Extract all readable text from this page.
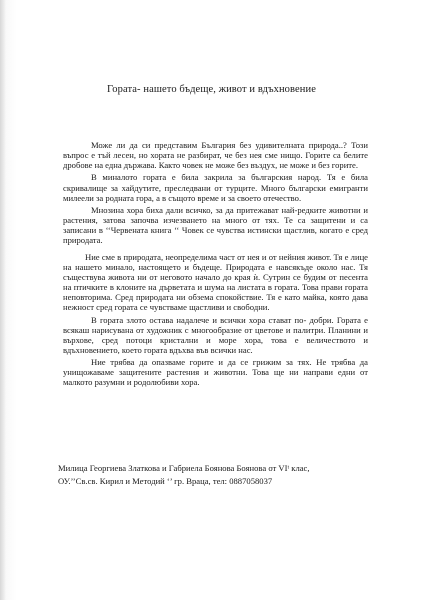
Гората- нашето бъдеще, живот и вдъхновение

Може ли да си представим България без удивителната природа..? Този въпрос е тъй лесен, но хората не разбират, че без нея сме нищо. Горите са белите дробове на една държава. Както човек не може без въздух, не може и без горите.

В миналото гората е била закрила за българския народ. Тя е била скривалище за хайдутите, преследвани от турците. Много български емигранти милеели за родната гора, а в същото време и за своето отечество.

Мнозина хора биха дали всичко, за да притежават най-редките животни и растения, затова започва изчезването на много от тях. Те са защитени и са записани в ‘‘Червената книга ‘‘ Човек се чувства истински щастлив, когато е сред природата.

Ние сме в природата, неопределима част от нея и от нейния живот. Тя е лице на нашето минало, настоящето и бъдеще. Природата е навсякъде около нас. Тя съществува живота ни от неговото начало до края ѝ. Сутрин се будим от песента на птичките в клоните на дърветата и шума на листата в гората. Това прави гората неповторима. Сред природата ни обзема спокойствие. Тя е като майка, която дава нежност сред гората се чувстваме щастливи и свободни.

В гората злото остава надалече и всички хора стават по- добри. Гората е всякаш нарисувана от художник с многообразие от цветове и палитри. Планини и върхове, сред потоци кристални и море хора, това е величеството и вдъхновението, което гората вдъхва във всички нас.

Ние трябва да опазваме горите и да се грижим за тях. Не трябва да унищожаваме защитените растения и животни. Това ще ни направи едни от малкото разумни и родолюбиви хора.

Милица Георгиева Златкова и Габриела Боянова Боянова от VIᵗ клас,
ОУ.’’Св.св. Кирил и Методий ‘’ гр. Враца, тел: 0887058037
